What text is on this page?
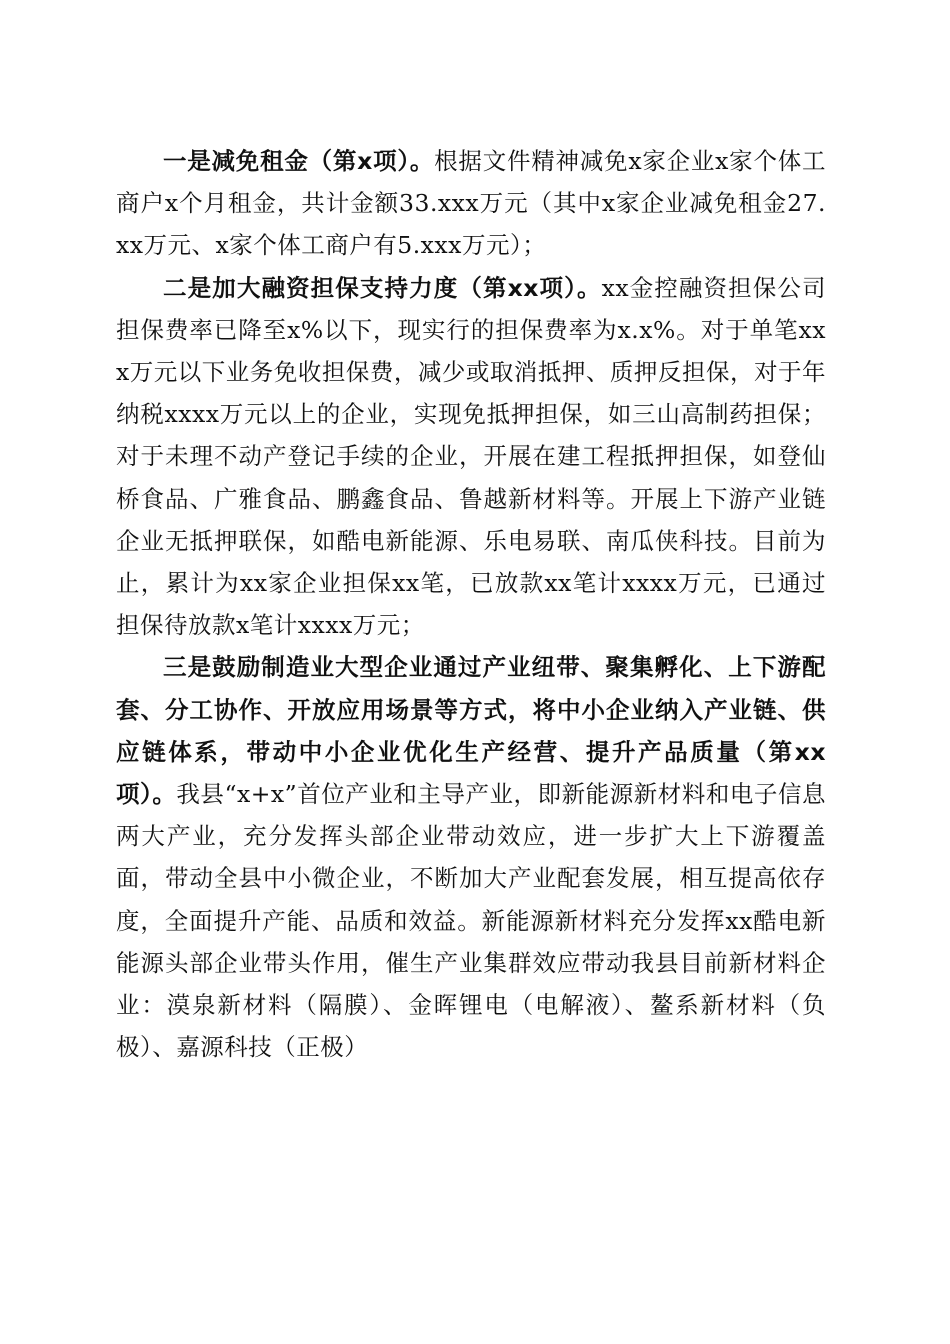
一是减免租金（第x项）。根据文件精神减免x家企业x家个体工商户x个月租金，共计金额33.xxx万元（其中x家企业减免租金27.xx万元、x家个体工商户有5.xxx万元）；

二是加大融资担保支持力度（第xx项）。xx金控融资担保公司担保费率已降至x%以下，现实行的担保费率为x.x%。对于单笔xxx万元以下业务免收担保费，减少或取消抵押、质押反担保，对于年纳税xxxx万元以上的企业，实现免抵押担保，如三山高制药担保；对于未理不动产登记手续的企业，开展在建工程抵押担保，如登仙桥食品、广雅食品、鹏鑫食品、鲁越新材料等。开展上下游产业链企业无抵押联保，如酷电新能源、乐电易联、南瓜侠科技。目前为止，累计为xx家企业担保xx笔，已放款xx笔计xxxx万元，已通过担保待放款x笔计xxxx万元；

三是鼓励制造业大型企业通过产业纽带、聚集孵化、上下游配套、分工协作、开放应用场景等方式，将中小企业纳入产业链、供应链体系，带动中小企业优化生产经营、提升产品质量（第xx项）。我县“x+x”首位产业和主导产业，即新能源新材料和电子信息两大产业，充分发挥头部企业带动效应，进一步扩大上下游覆盖面，带动全县中小微企业，不断加大产业配套发展，相互提高依存度，全面提升产能、品质和效益。新能源新材料充分发挥xx酷电新能源头部企业带头作用，催生产业集群效应带动我县目前新材料企业：漠泉新材料（隔膜）、金晖锂电（电解液）、鳌系新材料（负极）、嘉源科技（正极）
